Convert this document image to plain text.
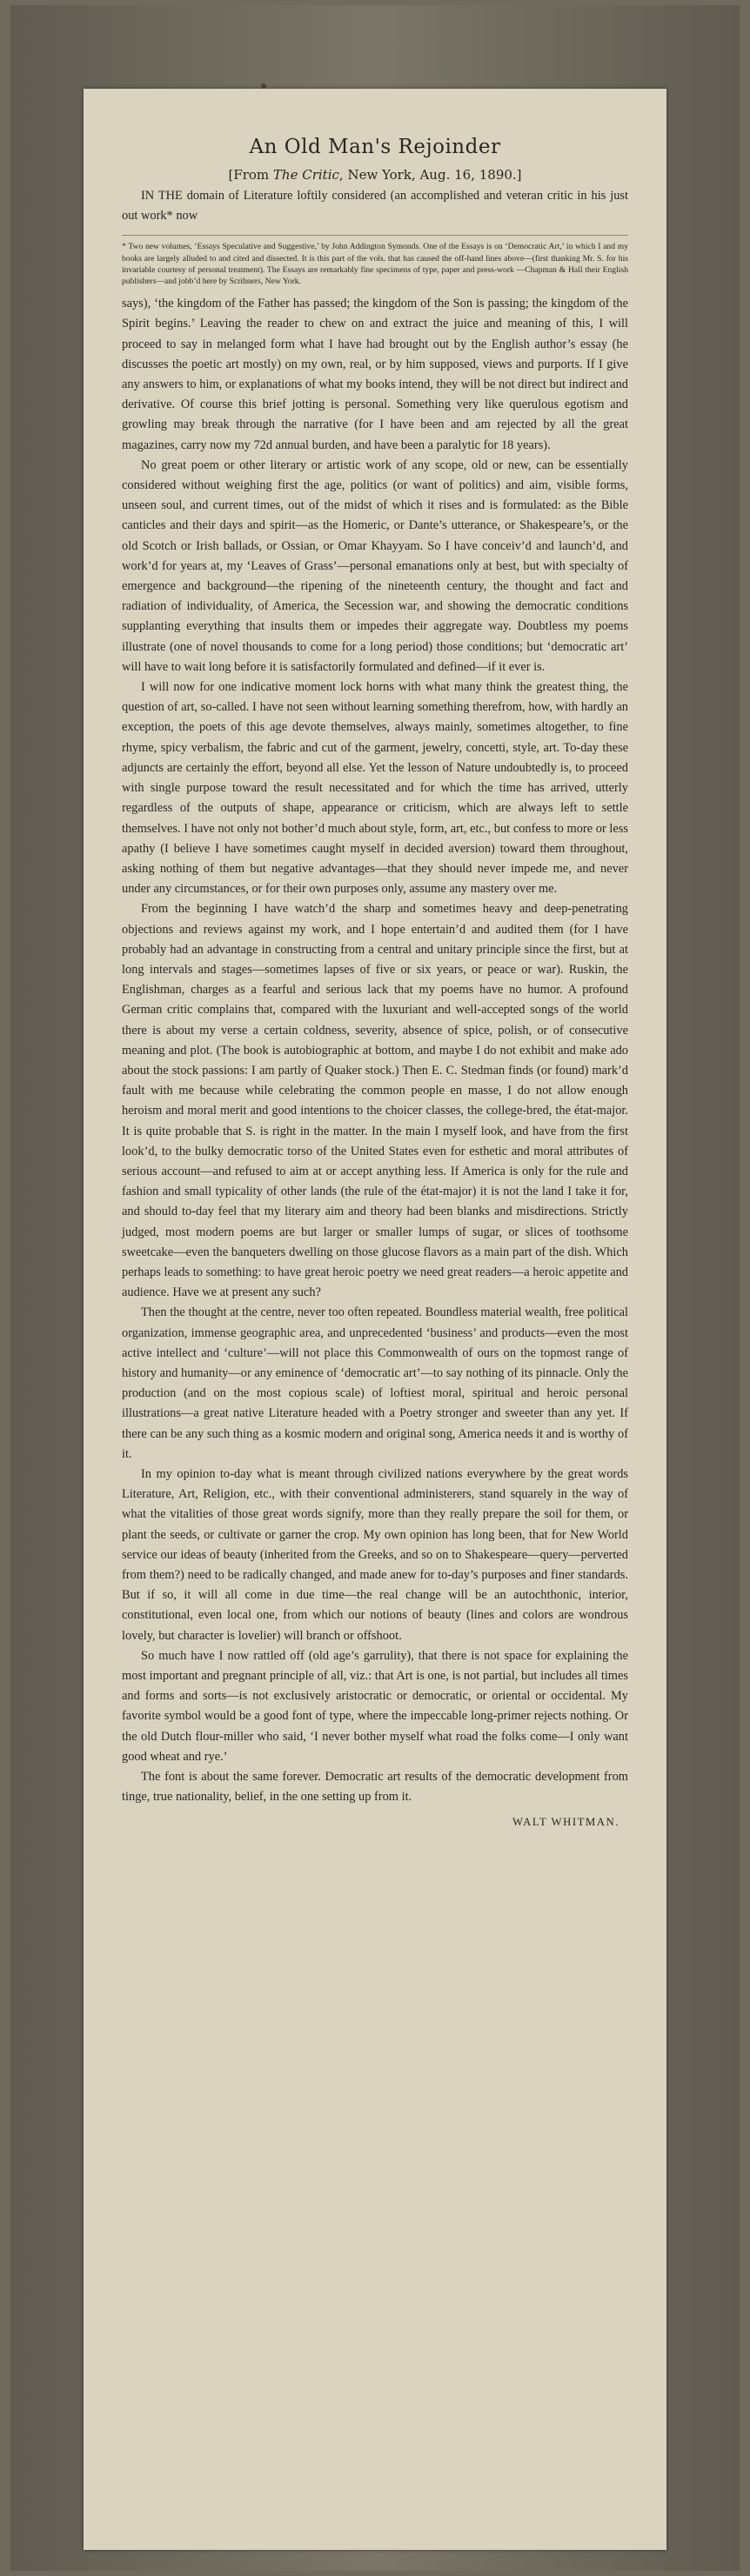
An Old Man's Rejoinder
[From The Critic, New York, Aug. 16, 1890.]

IN THE domain of Literature loftily considered (an accomplished and veteran critic in his just out work* now

* Two new volumes, ‘Essays Speculative and Suggestive,’ by John Addington Symonds. One of the Essays is on ‘Democratic Art,’ in which I and my books are largely alluded to and cited and dissected. It is this part of the vols. that has caused the off-hand lines above—(first thanking Mr. S. for his invariable courtesy of personal treatment). The Essays are remarkably fine specimens of type, paper and press-work —Chapman & Hall their English publishers—and jobb’d here by Scribners, New York.

says), ‘the kingdom of the Father has passed; the kingdom of the Son is passing; the kingdom of the Spirit begins.’ Leaving the reader to chew on and extract the juice and meaning of this, I will proceed to say in melanged form what I have had brought out by the English author’s essay (he discusses the poetic art mostly) on my own, real, or by him supposed, views and purports. If I give any answers to him, or explanations of what my books intend, they will be not direct but indirect and derivative. Of course this brief jotting is personal. Something very like querulous egotism and growling may break through the narrative (for I have been and am rejected by all the great magazines, carry now my 72d annual burden, and have been a paralytic for 18 years).

No great poem or other literary or artistic work of any scope, old or new, can be essentially considered without weighing first the age, politics (or want of politics) and aim, visible forms, unseen soul, and current times, out of the midst of which it rises and is formulated: as the Bible canticles and their days and spirit—as the Homeric, or Dante’s utterance, or Shakespeare’s, or the old Scotch or Irish ballads, or Ossian, or Omar Khayyam. So I have conceiv’d and launch’d, and work’d for years at, my ‘Leaves of Grass’—personal emanations only at best, but with specialty of emergence and background—the ripening of the nineteenth century, the thought and fact and radiation of individuality, of America, the Secession war, and showing the democratic conditions supplanting everything that insults them or impedes their aggregate way. Doubtless my poems illustrate (one of novel thousands to come for a long period) those conditions; but ‘democratic art’ will have to wait long before it is satisfactorily formulated and defined—if it ever is.

I will now for one indicative moment lock horns with what many think the greatest thing, the question of art, so-called. I have not seen without learning something therefrom, how, with hardly an exception, the poets of this age devote themselves, always mainly, sometimes altogether, to fine rhyme, spicy verbalism, the fabric and cut of the garment, jewelry, concetti, style, art. To-day these adjuncts are certainly the effort, beyond all else. Yet the lesson of Nature undoubtedly is, to proceed with single purpose toward the result necessitated and for which the time has arrived, utterly regardless of the outputs of shape, appearance or criticism, which are always left to settle themselves. I have not only not bother’d much about style, form, art, etc., but confess to more or less apathy (I believe I have sometimes caught myself in decided aversion) toward them throughout, asking nothing of them but negative advantages—that they should never impede me, and never under any circumstances, or for their own purposes only, assume any mastery over me.

From the beginning I have watch’d the sharp and sometimes heavy and deep-penetrating objections and reviews against my work, and I hope entertain’d and audited them (for I have probably had an advantage in constructing from a central and unitary principle since the first, but at long intervals and stages—sometimes lapses of five or six years, or peace or war). Ruskin, the Englishman, charges as a fearful and serious lack that my poems have no humor. A profound German critic complains that, compared with the luxuriant and well-accepted songs of the world there is about my verse a certain coldness, severity, absence of spice, polish, or of consecutive meaning and plot. (The book is autobiographic at bottom, and maybe I do not exhibit and make ado about the stock passions: I am partly of Quaker stock.) Then E. C. Stedman finds (or found) mark’d fault with me because while celebrating the common people en masse, I do not allow enough heroism and moral merit and good intentions to the choicer classes, the college-bred, the état-major. It is quite probable that S. is right in the matter. In the main I myself look, and have from the first look’d, to the bulky democratic torso of the United States even for esthetic and moral attributes of serious account—and refused to aim at or accept anything less. If America is only for the rule and fashion and small typicality of other lands (the rule of the état-major) it is not the land I take it for, and should to-day feel that my literary aim and theory had been blanks and misdirections. Strictly judged, most modern poems are but larger or smaller lumps of sugar, or slices of toothsome sweetcake—even the banqueters dwelling on those glucose flavors as a main part of the dish. Which perhaps leads to something: to have great heroic poetry we need great readers—a heroic appetite and audience. Have we at present any such?

Then the thought at the centre, never too often repeated. Boundless material wealth, free political organization, immense geographic area, and unprecedented ‘business’ and products—even the most active intellect and ‘culture’—will not place this Commonwealth of ours on the topmost range of history and humanity—or any eminence of ‘democratic art’—to say nothing of its pinnacle. Only the production (and on the most copious scale) of loftiest moral, spiritual and heroic personal illustrations—a great native Literature headed with a Poetry stronger and sweeter than any yet. If there can be any such thing as a kosmic modern and original song, America needs it and is worthy of it.

In my opinion to-day what is meant through civilized nations everywhere by the great words Literature, Art, Religion, etc., with their conventional administerers, stand squarely in the way of what the vitalities of those great words signify, more than they really prepare the soil for them, or plant the seeds, or cultivate or garner the crop. My own opinion has long been, that for New World service our ideas of beauty (inherited from the Greeks, and so on to Shakespeare—query—perverted from them?) need to be radically changed, and made anew for to-day’s purposes and finer standards. But if so, it will all come in due time—the real change will be an autochthonic, interior, constitutional, even local one, from which our notions of beauty (lines and colors are wondrous lovely, but character is lovelier) will branch or offshoot.

So much have I now rattled off (old age’s garrulity), that there is not space for explaining the most important and pregnant principle of all, viz.: that Art is one, is not partial, but includes all times and forms and sorts—is not exclusively aristocratic or democratic, or oriental or occidental. My favorite symbol would be a good font of type, where the impeccable long-primer rejects nothing. Or the old Dutch flour-miller who said, ‘I never bother myself what road the folks come—I only want good wheat and rye.’

The font is about the same forever. Democratic art results of the democratic development from tinge, true nationality, belief, in the one setting up from it.

WALT WHITMAN.
